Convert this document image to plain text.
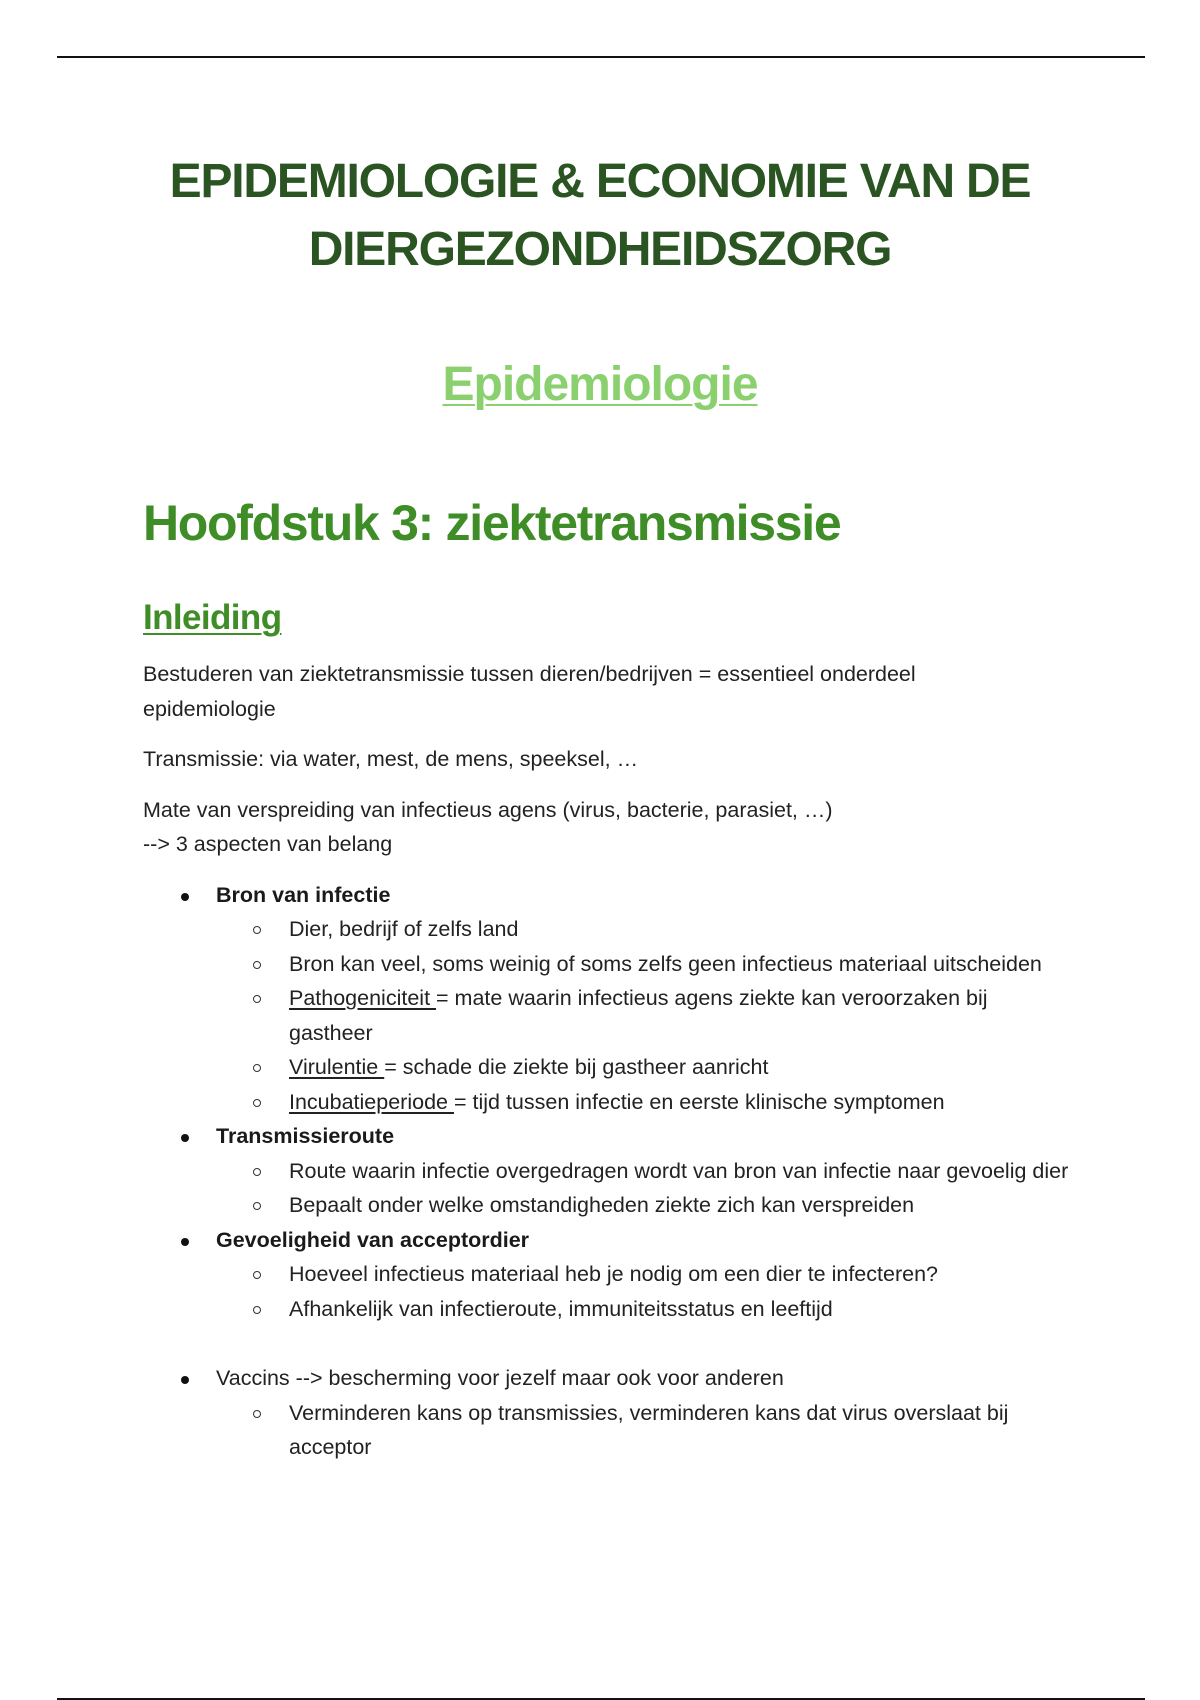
EPIDEMIOLOGIE & ECONOMIE VAN DE
DIERGEZONDHEIDSZORG
Epidemiologie
Hoofdstuk 3: ziektetransmissie
Inleiding

Bestuderen van ziektetransmissie tussen dieren/bedrijven = essentieel onderdeel
epidemiologie

Transmissie: via water, mest, de mens, speeksel, …

Mate van verspreiding van infectieus agens (virus, bacterie, parasiet, …)
--> 3 aspecten van belang

Bron van infectie
Dier, bedrijf of zelfs land
Bron kan veel, soms weinig of soms zelfs geen infectieus materiaal uitscheiden
Pathogeniciteit = mate waarin infectieus agens ziekte kan veroorzaken bij gastheer
Virulentie = schade die ziekte bij gastheer aanricht
Incubatieperiode = tijd tussen infectie en eerste klinische symptomen
Transmissieroute
Route waarin infectie overgedragen wordt van bron van infectie naar gevoelig dier
Bepaalt onder welke omstandigheden ziekte zich kan verspreiden
Gevoeligheid van acceptordier
Hoeveel infectieus materiaal heb je nodig om een dier te infecteren?
Afhankelijk van infectieroute, immuniteitsstatus en leeftijd
Vaccins --> bescherming voor jezelf maar ook voor anderen
Verminderen kans op transmissies, verminderen kans dat virus overslaat bij acceptor
